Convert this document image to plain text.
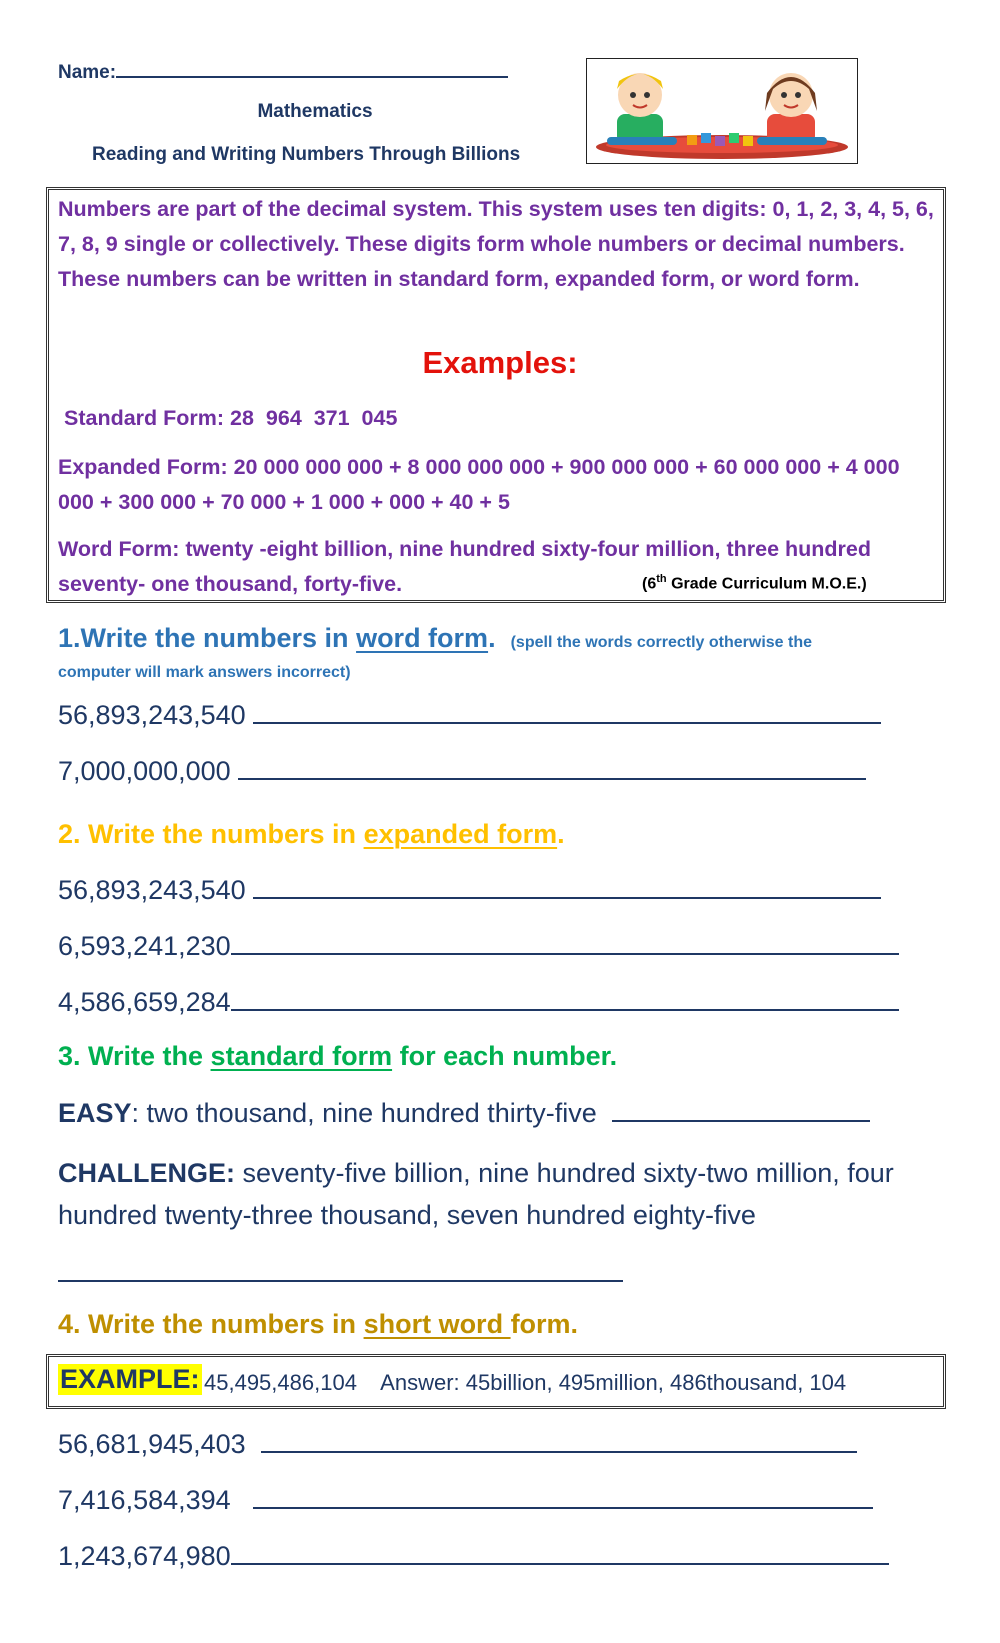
Name:
Mathematics
Reading and Writing Numbers Through Billions
Numbers are part of the decimal system. This system uses ten digits: 0, 1, 2, 3, 4, 5, 6, 7, 8, 9 single or collectively. These digits form whole numbers or decimal numbers. These numbers can be written in standard form, expanded form, or word form.
Examples:
Standard Form: 28  964  371  045
Expanded Form: 20 000 000 000 + 8 000 000 000 + 900 000 000 + 60 000 000 + 4 000 000 + 300 000 + 70 000 + 1 000 + 000 + 40 + 5
Word Form: twenty -eight billion, nine hundred sixty-four million, three hundred seventy- one thousand, forty-five.	(6th Grade Curriculum M.O.E.)
1.Write the numbers in word form. (spell the words correctly otherwise the
computer will mark answers incorrect)
56,893,243,540
7,000,000,000
2. Write the numbers in expanded form.
56,893,243,540
6,593,241,230
4,586,659,284
3. Write the standard form for each number.
EASY: two thousand, nine hundred thirty-five
CHALLENGE: seventy-five billion, nine hundred sixty-two million, four hundred twenty-three thousand, seven hundred eighty-five
4. Write the numbers in short word form.
EXAMPLE: 45,495,486,104    Answer: 45billion, 495million, 486thousand, 104
56,681,945,403
7,416,584,394
1,243,674,980
